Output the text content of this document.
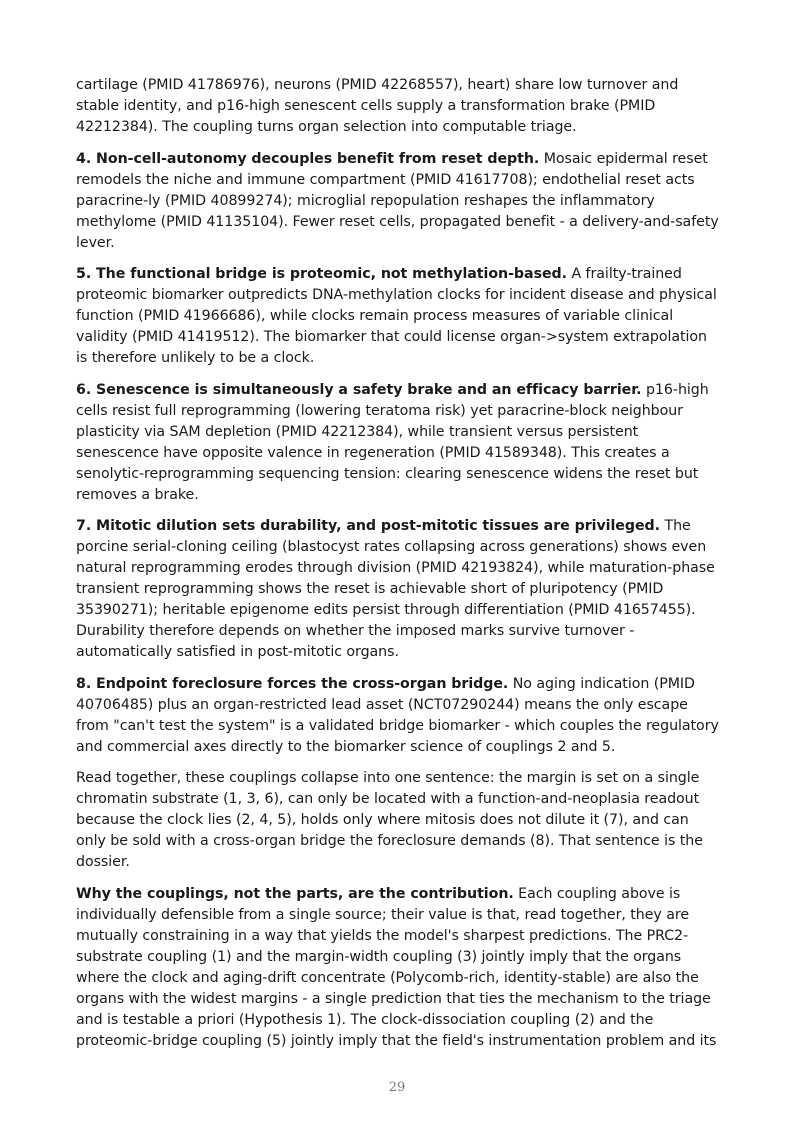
cartilage (PMID 41786976), neurons (PMID 42268557), heart) share low turnover and stable identity, and p16-high senescent cells supply a transformation brake (PMID 42212384). The coupling turns organ selection into computable triage.

4. Non-cell-autonomy decouples benefit from reset depth. Mosaic epidermal reset remodels the niche and immune compartment (PMID 41617708); endothelial reset acts paracrine-ly (PMID 40899274); microglial repopulation reshapes the inflammatory methylome (PMID 41135104). Fewer reset cells, propagated benefit - a delivery-and-safety lever.

5. The functional bridge is proteomic, not methylation-based. A frailty-trained proteomic biomarker outpredicts DNA-methylation clocks for incident disease and physical function (PMID 41966686), while clocks remain process measures of variable clinical validity (PMID 41419512). The biomarker that could license organ->system extrapolation is therefore unlikely to be a clock.

6. Senescence is simultaneously a safety brake and an efficacy barrier. p16-high cells resist full reprogramming (lowering teratoma risk) yet paracrine-block neighbour plasticity via SAM depletion (PMID 42212384), while transient versus persistent senescence have opposite valence in regeneration (PMID 41589348). This creates a senolytic-reprogramming sequencing tension: clearing senescence widens the reset but removes a brake.

7. Mitotic dilution sets durability, and post-mitotic tissues are privileged. The porcine serial-cloning ceiling (blastocyst rates collapsing across generations) shows even natural reprogramming erodes through division (PMID 42193824), while maturation-phase transient reprogramming shows the reset is achievable short of pluripotency (PMID 35390271); heritable epigenome edits persist through differentiation (PMID 41657455). Durability therefore depends on whether the imposed marks survive turnover - automatically satisfied in post-mitotic organs.

8. Endpoint foreclosure forces the cross-organ bridge. No aging indication (PMID 40706485) plus an organ-restricted lead asset (NCT07290244) means the only escape from "can't test the system" is a validated bridge biomarker - which couples the regulatory and commercial axes directly to the biomarker science of couplings 2 and 5.

Read together, these couplings collapse into one sentence: the margin is set on a single chromatin substrate (1, 3, 6), can only be located with a function-and-neoplasia readout because the clock lies (2, 4, 5), holds only where mitosis does not dilute it (7), and can only be sold with a cross-organ bridge the foreclosure demands (8). That sentence is the dossier.

Why the couplings, not the parts, are the contribution. Each coupling above is individually defensible from a single source; their value is that, read together, they are mutually constraining in a way that yields the model's sharpest predictions. The PRC2-substrate coupling (1) and the margin-width coupling (3) jointly imply that the organs where the clock and aging-drift concentrate (Polycomb-rich, identity-stable) are also the organs with the widest margins - a single prediction that ties the mechanism to the triage and is testable a priori (Hypothesis 1). The clock-dissociation coupling (2) and the proteomic-bridge coupling (5) jointly imply that the field's instrumentation problem and its

29
